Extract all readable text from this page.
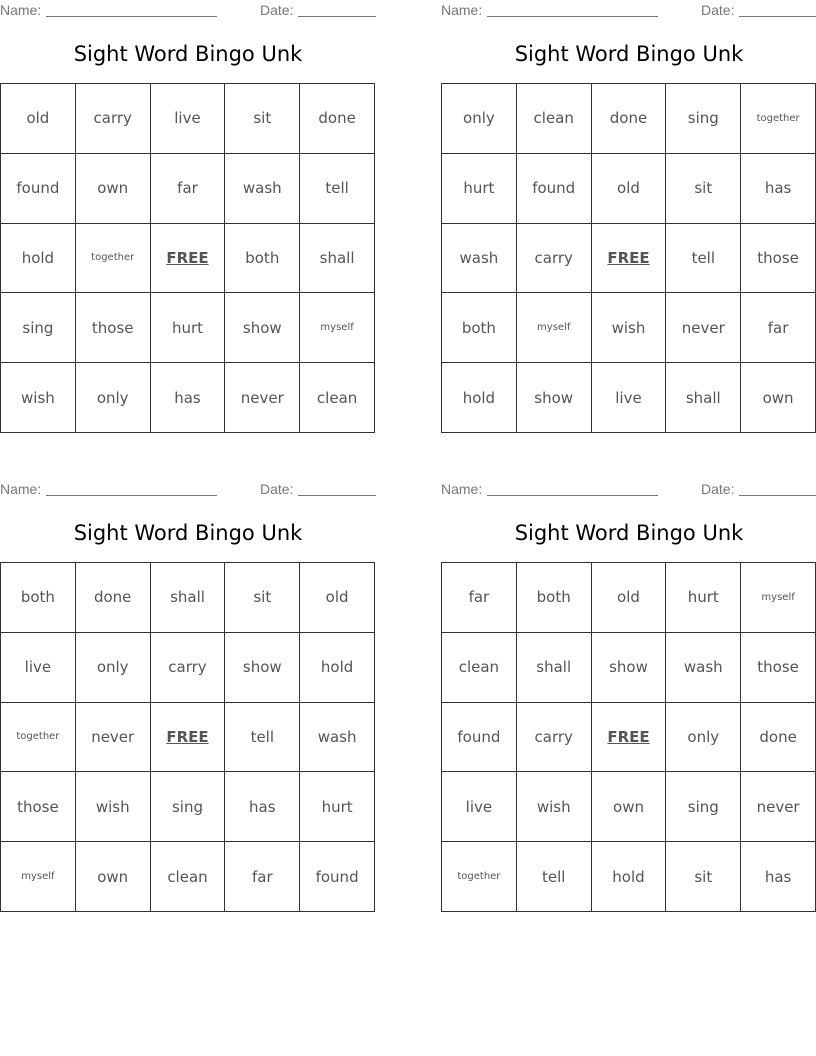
Name:	Date:
Sight Word Bingo Unk
old	carry	live	sit	done
found	own	far	wash	tell
hold	together	FREE	both	shall
sing	those	hurt	show	myself
wish	only	has	never	clean
Name:	Date:
Sight Word Bingo Unk
only	clean	done	sing	together
hurt	found	old	sit	has
wash	carry	FREE	tell	those
both	myself	wish	never	far
hold	show	live	shall	own
Name:	Date:
Sight Word Bingo Unk
both	done	shall	sit	old
live	only	carry	show	hold
together	never	FREE	tell	wash
those	wish	sing	has	hurt
myself	own	clean	far	found
Name:	Date:
Sight Word Bingo Unk
far	both	old	hurt	myself
clean	shall	show	wash	those
found	carry	FREE	only	done
live	wish	own	sing	never
together	tell	hold	sit	has
